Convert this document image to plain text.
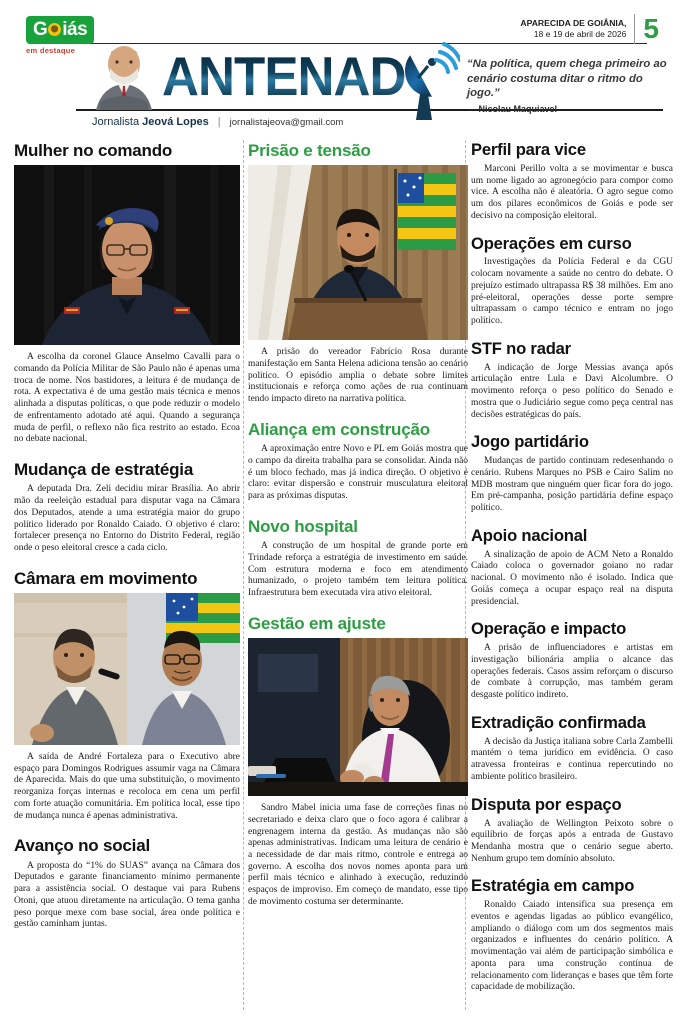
G iás
em destaque	ANTENAD
APARECIDA DE GOIÂNIA,
18 e 19 de abril de 2026 5
“Na política, quem chega primeiro ao cenário costuma ditar o ritmo do jogo.”
— Nicolau Maquiavel
Jornalista Jeová Lopes | jornalistajeova@gmail.com
Mulher no comando

A escolha da coronel Glauce Anselmo Cavalli para o comando da Polícia Militar de São Paulo não é apenas uma troca de nome. Nos bastidores, a leitura é de mudança de rota. A expectativa é de uma gestão mais técnica e menos alinhada a disputas políticas, o que pode reduzir o modelo de enfrentamento adotado até aqui. Quando a segurança muda de perfil, o reflexo não fica restrito ao estado. Ecoa no debate nacional.

Mudança de estratégia

A deputada Dra. Zeli decidiu mirar Brasília. Ao abrir mão da reeleição estadual para disputar vaga na Câmara dos Deputados, atende a uma estratégia maior do grupo político liderado por Ronaldo Caiado. O objetivo é claro: fortalecer presença no Entorno do Distrito Federal, região onde o peso eleitoral cresce a cada ciclo.

Câmara em movimento

A saída de André Fortaleza para o Executivo abre espaço para Domingos Rodrigues assumir vaga na Câmara de Aparecida. Mais do que uma substituição, o movimento reorganiza forças internas e recoloca em cena um perfil com forte atuação comunitária. Em política local, esse tipo de mudança nunca é apenas administrativa.

Avanço no social

A proposta do “1% do SUAS” avança na Câmara dos Deputados e garante financiamento mínimo permanente para a assistência social. O destaque vai para Rubens Otoni, que atuou diretamente na articulação. O tema ganha peso porque mexe com base social, área onde política e gestão caminham juntas.

Prisão e tensão

A prisão do vereador Fabrício Rosa durante manifestação em Santa Helena adiciona tensão ao cenário político. O episódio amplia o debate sobre limites institucionais e reforça como ações de rua continuam tendo impacto direto na narrativa política.

Aliança em construção

A aproximação entre Novo e PL em Goiás mostra que o campo da direita trabalha para se consolidar. Ainda não é um bloco fechado, mas já indica direção. O objetivo é claro: evitar dispersão e construir musculatura eleitoral para as próximas disputas.

Novo hospital

A construção de um hospital de grande porte em Trindade reforça a estratégia de investimento em saúde. Com estrutura moderna e foco em atendimento humanizado, o projeto também tem leitura política. Infraestrutura bem executada vira ativo eleitoral.

Gestão em ajuste

Sandro Mabel inicia uma fase de correções finas no secretariado e deixa claro que o foco agora é calibrar a engrenagem interna da gestão. As mudanças não são apenas administrativas. Indicam uma leitura de cenário e a necessidade de dar mais ritmo, controle e entrega ao governo. A escolha dos novos nomes aponta para um perfil mais técnico e alinhado à execução, reduzindo espaços de improviso. Em começo de mandato, esse tipo de movimento costuma ser determinante.

Perfil para vice

Marconi Perillo volta a se movimentar e busca um nome ligado ao agronegócio para compor como vice. A escolha não é aleatória. O agro segue como um dos pilares econômicos de Goiás e pode ser decisivo na composição eleitoral.

Operações em curso

Investigações da Polícia Federal e da CGU colocam novamente a saúde no centro do debate. O prejuízo estimado ultrapassa R$ 38 milhões. Em ano pré-eleitoral, operações desse porte sempre ultrapassam o campo técnico e entram no jogo político.

STF no radar

A indicação de Jorge Messias avança após articulação entre Lula e Davi Alcolumbre. O movimento reforça o peso político do Senado e mostra que o Judiciário segue como peça central nas decisões estratégicas do país.

Jogo partidário

Mudanças de partido continuam redesenhando o cenário. Rubens Marques no PSB e Cairo Salim no MDB mostram que ninguém quer ficar fora do jogo. Em pré-campanha, posição partidária define espaço político.

Apoio nacional

A sinalização de apoio de ACM Neto a Ronaldo Caiado coloca o governador goiano no radar nacional. O movimento não é isolado. Indica que Goiás começa a ocupar espaço real na disputa presidencial.

Operação e impacto

A prisão de influenciadores e artistas em investigação bilionária amplia o alcance das operações federais. Casos assim reforçam o discurso de combate à corrupção, mas também geram desgaste político indireto.

Extradição confirmada

A decisão da Justiça italiana sobre Carla Zambelli mantém o tema jurídico em evidência. O caso atravessa fronteiras e continua repercutindo no ambiente político brasileiro.

Disputa por espaço

A avaliação de Wellington Peixoto sobre o equilíbrio de forças após a entrada de Gustavo Mendanha mostra que o cenário segue aberto. Nenhum grupo tem domínio absoluto.

Estratégia em campo

Ronaldo Caiado intensifica sua presença em eventos e agendas ligadas ao público evangélico, ampliando o diálogo com um dos segmentos mais organizados e influentes do cenário político. A movimentação vai além de participação simbólica e aponta para uma construção contínua de relacionamento com lideranças e bases que têm forte capacidade de mobilização.
